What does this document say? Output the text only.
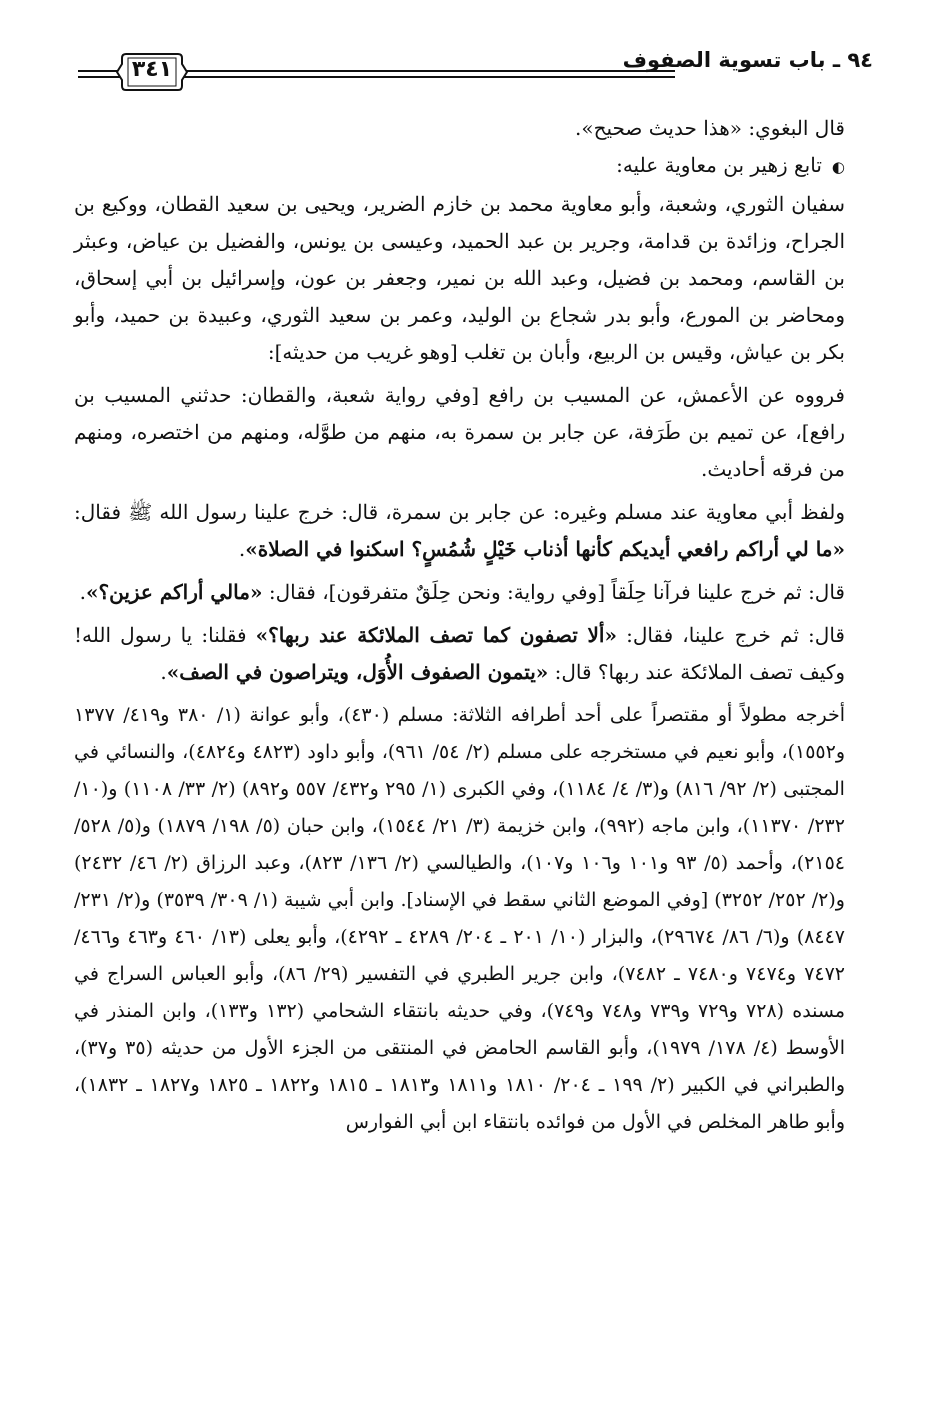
٩٤ ـ باب تسوية الصفوف
٣٤١

قال البغوي: «هذا حديث صحيح».

◐تابع زهير بن معاوية عليه:

سفيان الثوري، وشعبة، وأبو معاوية محمد بن خازم الضرير، ويحيى بن سعيد القطان، ووكيع بن الجراح، وزائدة بن قدامة، وجرير بن عبد الحميد، وعيسى بن يونس، والفضيل بن عياض، وعبثر بن القاسم، ومحمد بن فضيل، وعبد الله بن نمير، وجعفر بن عون، وإسرائيل بن أبي إسحاق، ومحاضر بن المورع، وأبو بدر شجاع بن الوليد، وعمر بن سعيد الثوري، وعبيدة بن حميد، وأبو بكر بن عياش، وقيس بن الربيع، وأبان بن تغلب [وهو غريب من حديثه]:

فرووه عن الأعمش، عن المسيب بن رافع [وفي رواية شعبة، والقطان: حدثني المسيب بن رافع]، عن تميم بن طَرَفة، عن جابر بن سمرة به، منهم من طوَّله، ومنهم من اختصره، ومنهم من فرقه أحاديث.

ولفظ أبي معاوية عند مسلم وغيره: عن جابر بن سمرة، قال: خرج علينا رسول الله ﷺ فقال: «ما لي أراكم رافعي أيديكم كأنها أذناب خَيْلٍ شُمُسٍ؟ اسكنوا في الصلاة».

قال: ثم خرج علينا فرآنا حِلَقاً [وفي رواية: ونحن حِلَقٌ متفرقون]، فقال: «مالي أراكم عزين؟».

قال: ثم خرج علينا، فقال: «ألا تصفون كما تصف الملائكة عند ربها؟» فقلنا: يا رسول الله! وكيف تصف الملائكة عند ربها؟ قال: «يتمون الصفوف الأُوَل، ويتراصون في الصف».

أخرجه مطولاً أو مقتصراً على أحد أطرافه الثلاثة: مسلم (٤٣٠)، وأبو عوانة (١/ ٣٨٠ و٤١٩/ ١٣٧٧ و١٥٥٢)، وأبو نعيم في مستخرجه على مسلم (٢/ ٥٤/ ٩٦١)، وأبو داود (٤٨٢٣ و٤٨٢٤)، والنسائي في المجتبى (٢/ ٩٢/ ٨١٦) و(٣/ ٤/ ١١٨٤)، وفي الكبرى (١/ ٢٩٥ و٤٣٢/ ٥٥٧ و٨٩٢) (٢/ ٣٣/ ١١٠٨) و(١٠/ ٢٣٢/ ١١٣٧٠)، وابن ماجه (٩٩٢)، وابن خزيمة (٣/ ٢١/ ١٥٤٤)، وابن حبان (٥/ ١٩٨/ ١٨٧٩) و(٥/ ٥٢٨/ ٢١٥٤)، وأحمد (٥/ ٩٣ و١٠١ و١٠٦ و١٠٧)، والطيالسي (٢/ ١٣٦/ ٨٢٣)، وعبد الرزاق (٢/ ٤٦/ ٢٤٣٢) و(٢/ ٢٥٢/ ٣٢٥٢) [وفي الموضع الثاني سقط في الإسناد]. وابن أبي شيبة (١/ ٣٠٩/ ٣٥٣٩) و(٢/ ٢٣١/ ٨٤٤٧) و(٦/ ٨٦/ ٢٩٦٧٤)، والبزار (١٠/ ٢٠١ ـ ٢٠٤/ ٤٢٨٩ ـ ٤٢٩٢)، وأبو يعلى (١٣/ ٤٦٠ و٤٦٣ و٤٦٦/ ٧٤٧٢ و٧٤٧٤ و٧٤٨٠ ـ ٧٤٨٢)، وابن جرير الطبري في التفسير (٢٩/ ٨٦)، وأبو العباس السراج في مسنده (٧٢٨ و٧٢٩ و٧٣٩ و٧٤٨ و٧٤٩)، وفي حديثه بانتقاء الشحامي (١٣٢ و١٣٣)، وابن المنذر في الأوسط (٤/ ١٧٨/ ١٩٧٩)، وأبو القاسم الحامض في المنتقى من الجزء الأول من حديثه (٣٥ و٣٧)، والطبراني في الكبير (٢/ ١٩٩ ـ ٢٠٤/ ١٨١٠ و١٨١١ و١٨١٣ ـ ١٨١٥ و١٨٢٢ ـ ١٨٢٥ و١٨٢٧ ـ ١٨٣٢)، وأبو طاهر المخلص في الأول من فوائده بانتقاء ابن أبي الفوارس
